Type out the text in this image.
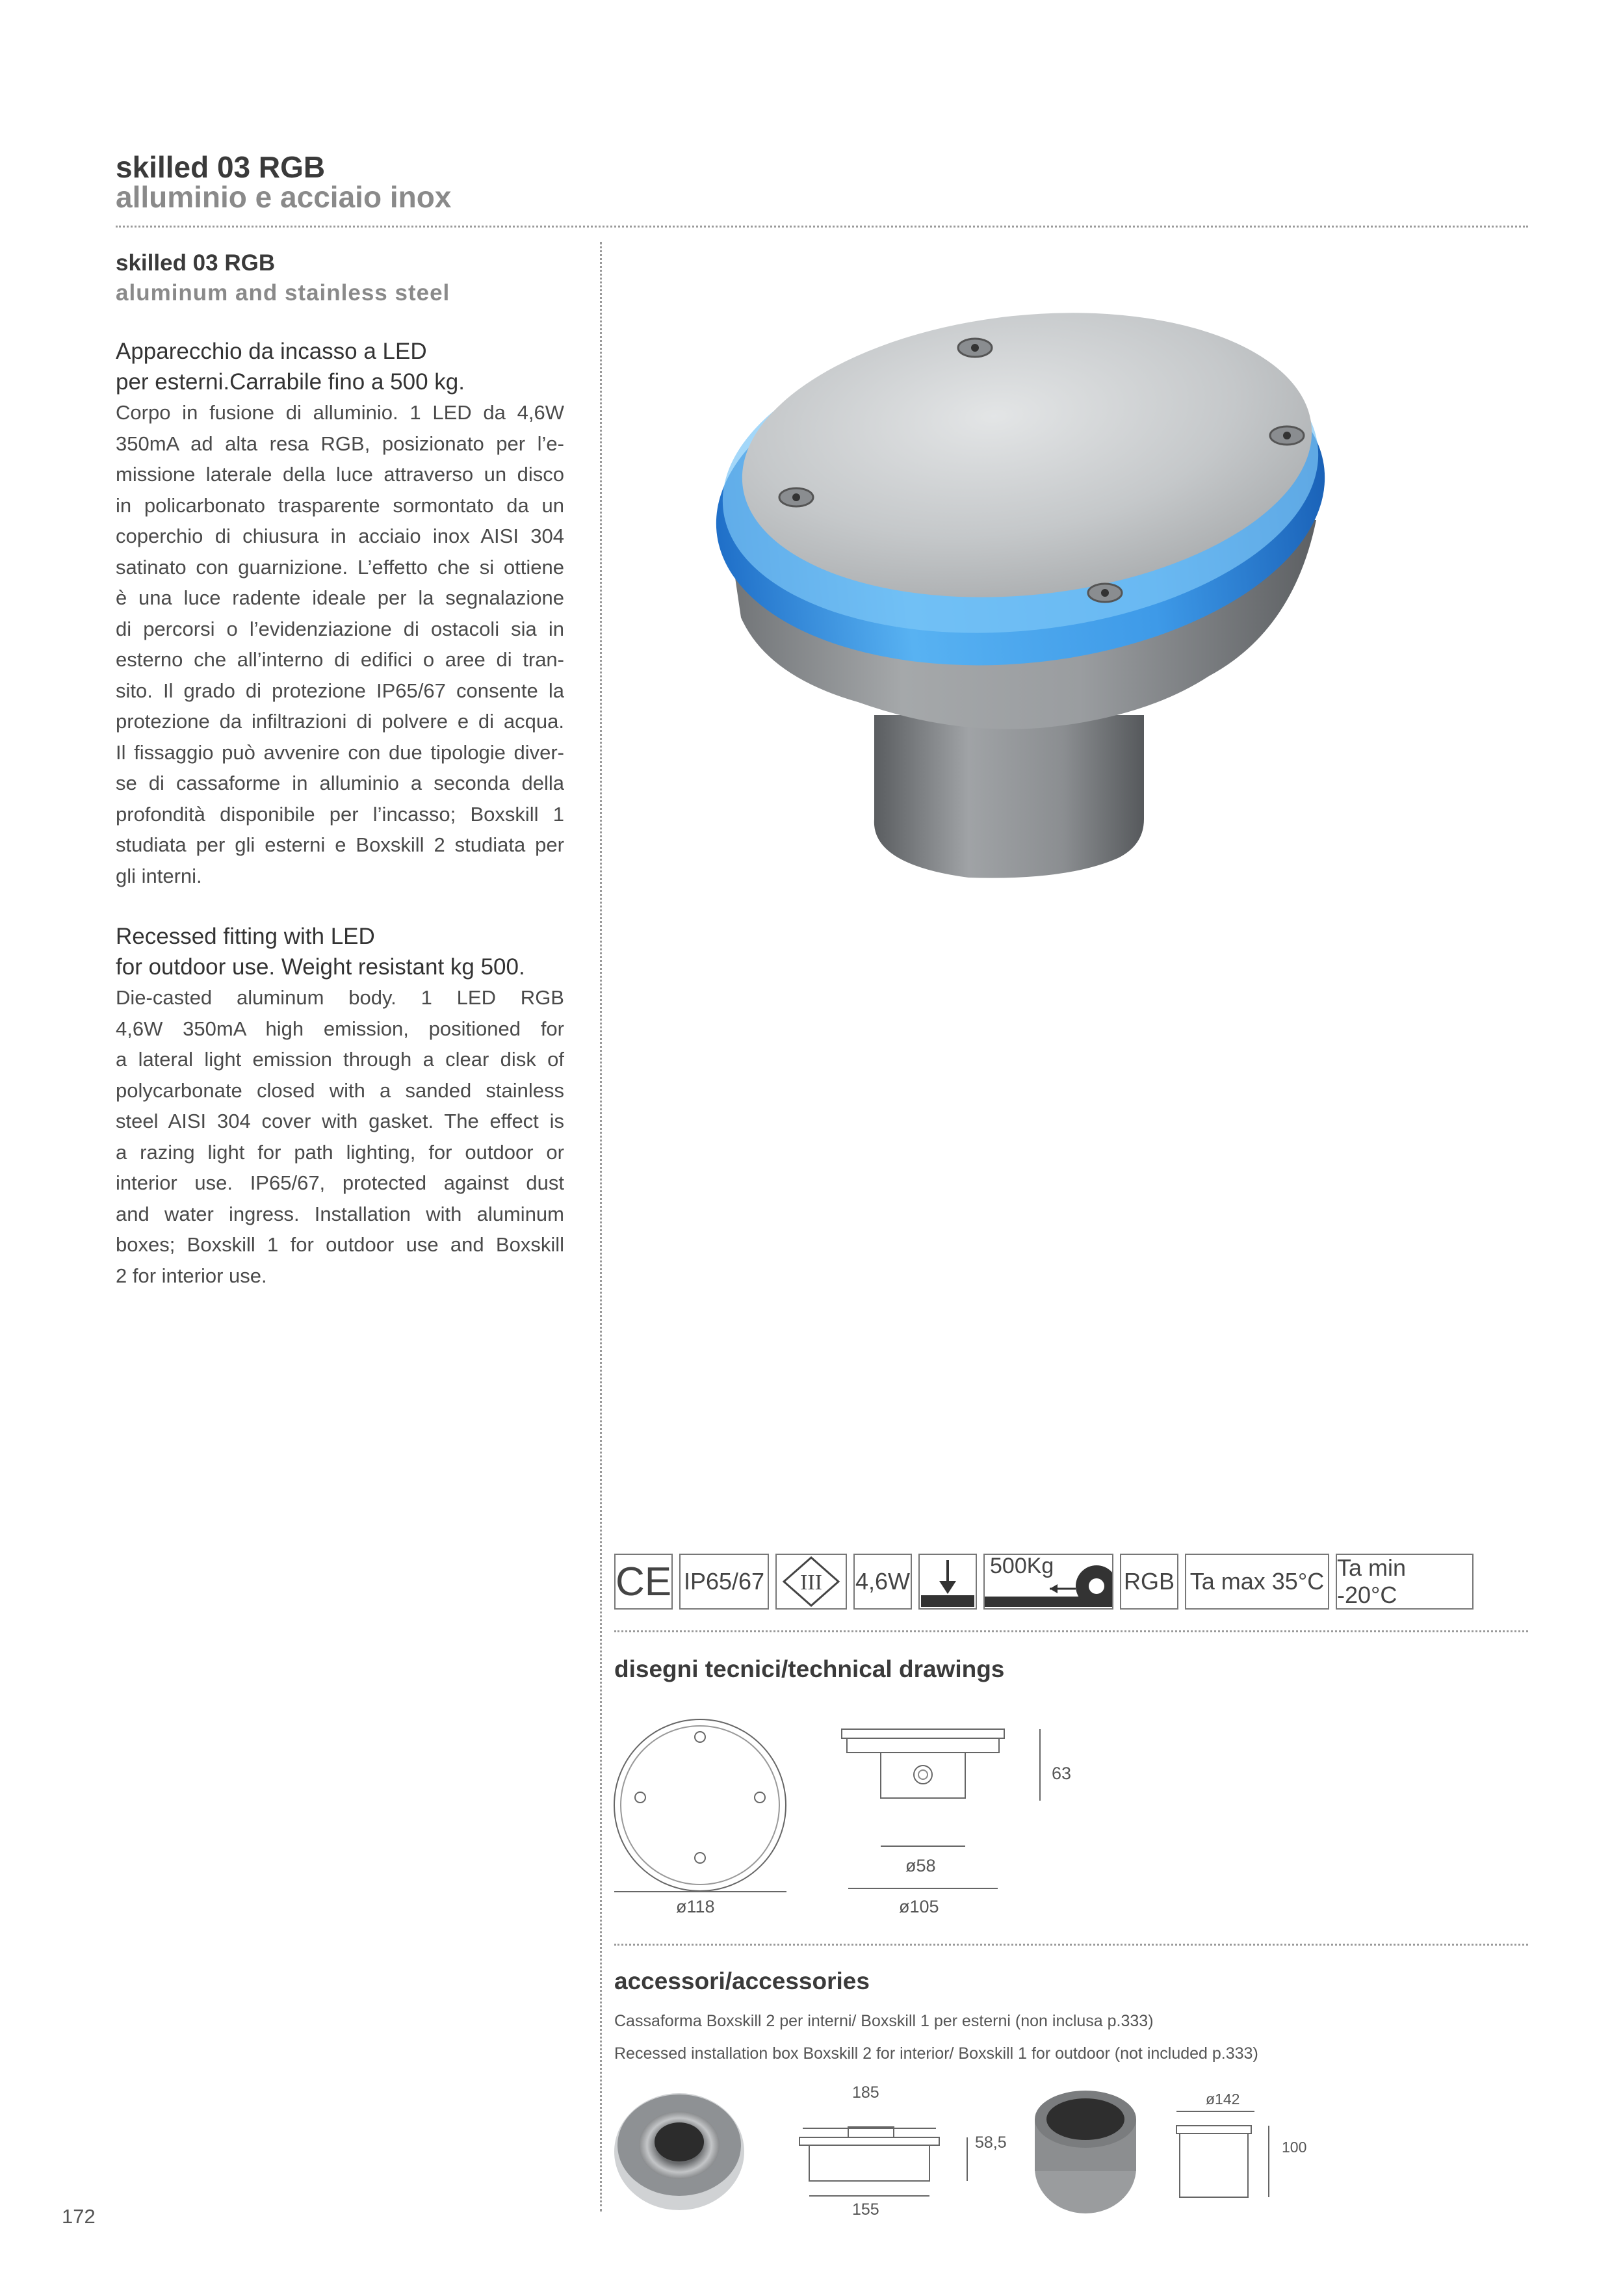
skilled 03 RGB
alluminio e acciaio inox
skilled 03 RGB
aluminum and stainless steel
Apparecchio da incasso a LED
per esterni.Carrabile fino a 500 kg.
Corpo in fusione di alluminio. 1 LED da 4,6W
350mA ad alta resa RGB, posizionato per l’e-
missione laterale della luce attraverso un disco
in policarbonato trasparente sormontato da un
coperchio di chiusura in acciaio inox AISI 304
satinato con guarnizione. L’effetto che si ottiene
è una luce radente ideale per la segnalazione
di percorsi o l’evidenziazione di ostacoli sia in
esterno che all’interno di edifici o aree di tran-
sito. Il grado di protezione IP65/67 consente la
protezione da infiltrazioni di polvere e di acqua.
Il fissaggio può avvenire con due tipologie diver-
se di cassaforme in alluminio a seconda della
profondità disponibile per l’incasso; Boxskill 1
studiata per gli esterni e Boxskill 2 studiata per
gli interni.
Recessed fitting with LED
for outdoor use. Weight resistant kg 500.
Die-casted aluminum body. 1 LED RGB
4,6W 350mA high emission, positioned for
a lateral light emission through a clear disk of
polycarbonate closed with a sanded stainless
steel AISI 304 cover with gasket. The effect is
a razing light for path lighting, for outdoor or
interior use. IP65/67, protected against dust
and water ingress. Installation with aluminum
boxes; Boxskill 1 for outdoor use and Boxskill
2 for interior use.
CE IP65/67 III 4,6W
500Kg
RGB Ta max 35°C
Ta min -20°C
disegni tecnici/technical drawings
ø118	ø105
ø58
63
accessori/accessories
Cassaforma Boxskill 2 per interni/ Boxskill 1 per esterni (non inclusa p.333)
Recessed installation box Boxskill 2 for interior/ Boxskill 1 for outdoor (not included p.333)
185
155
58,5
ø142
100
172
